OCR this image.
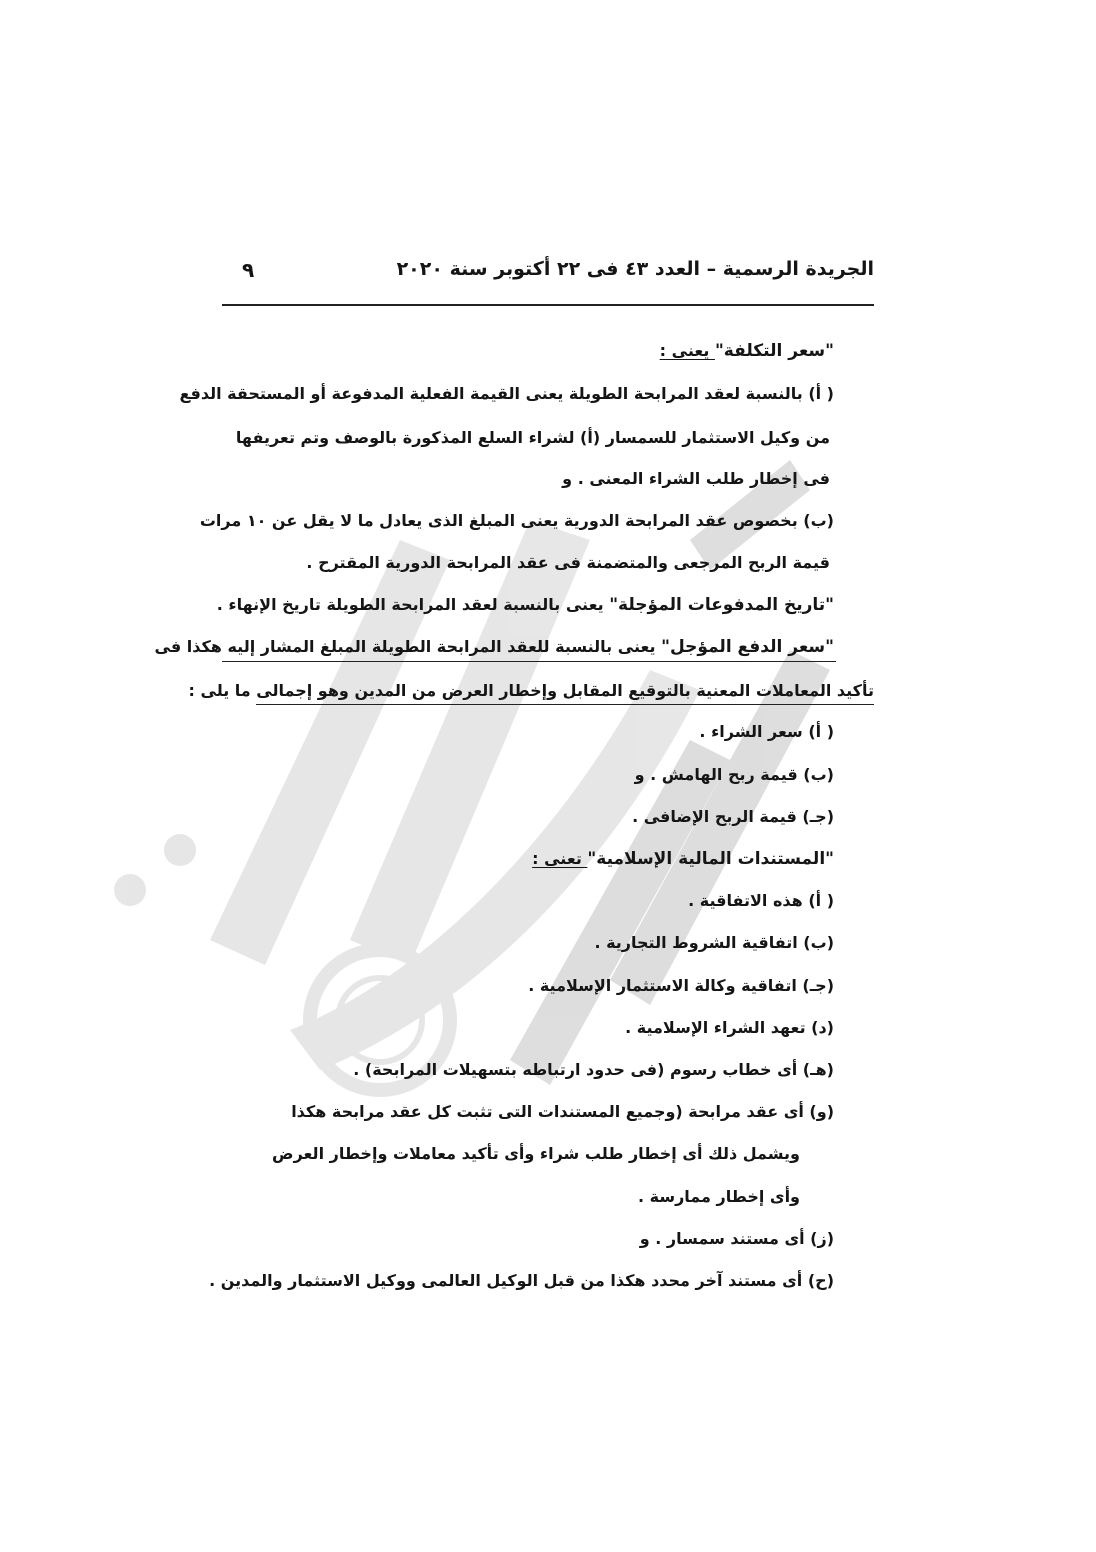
الجريدة الرسمية – العدد ٤٣ فى ٢٢ أكتوبر سنة ٢٠٢٠
٩
"سعر التكلفة" يعنى :
( أ) بالنسبة لعقد المرابحة الطويلة يعنى القيمة الفعلية المدفوعة أو المستحقة الدفع
من وكيل الاستثمار للسمسار (أ) لشراء السلع المذكورة بالوصف وتم تعريفها
فى إخطار طلب الشراء المعنى . و
(ب) بخصوص عقد المرابحة الدورية يعنى المبلغ الذى يعادل ما لا يقل عن ١٠ مرات
قيمة الربح المرجعى والمتضمنة فى عقد المرابحة الدورية المقترح .
"تاريخ المدفوعات المؤجلة" يعنى بالنسبة لعقد المرابحة الطويلة تاريخ الإنهاء .
"سعر الدفع المؤجل" يعنى بالنسبة للعقد المرابحة الطويلة المبلغ المشار إليه هكذا فى
تأكيد المعاملات المعنية بالتوقيع المقابل وإخطار العرض من المدين وهو إجمالى ما يلى :
( أ) سعر الشراء .
(ب) قيمة ربح الهامش . و
(جـ) قيمة الربح الإضافى .
"المستندات المالية الإسلامية" تعنى :
( أ) هذه الاتفاقية .
(ب) اتفاقية الشروط التجارية .
(جـ) اتفاقية وكالة الاستثمار الإسلامية .
(د) تعهد الشراء الإسلامية .
(هـ) أى خطاب رسوم (فى حدود ارتباطه بتسهيلات المرابحة) .
(و) أى عقد مرابحة (وجميع المستندات التى تثبت كل عقد مرابحة هكذا
ويشمل ذلك أى إخطار طلب شراء وأى تأكيد معاملات وإخطار العرض
وأى إخطار ممارسة .
(ز) أى مستند سمسار . و
(ح) أى مستند آخر محدد هكذا من قبل الوكيل العالمى ووكيل الاستثمار والمدين .
